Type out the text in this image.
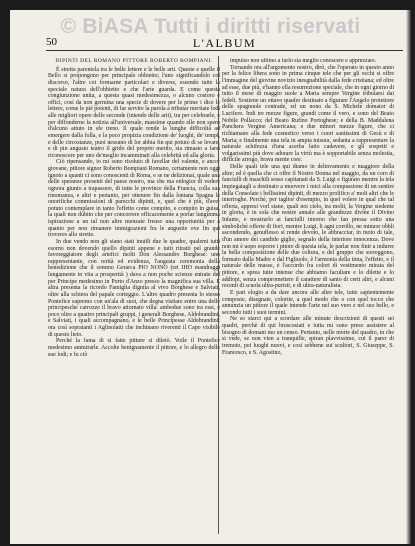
© BiASA Tutti i diritti riservati
50	L'ALBUM
DIPINTI DEL ROMANO PITTORE ROBERTO BOMPIANI.

È stretta parentela tra le belle lettere e le belle arti. Queste e quelle il Bello si propongono per principale obbietto; l'uno significandolo col discorso, l'altre coi formarne particolari e diverse, essendo tutte la speciale natura dell'obbietto e che l'arte guarda. E come questa congiunzione unita, a questa quasi medesimezza, o alcuno costoro e offici, cosí da non germina una specie di dovere per le prime i dice le lettere, come le pié potenti, di far servire la parola a tributar meritate lodi alle migliori opere delle seconde (intendo delle arti), tra per celebrarle, e per diffonderne la notizia all'universale, massime quando elle non spero d'alcuno attuto in sfe treno. Il quale rende la lunghe difficoltà ad emergere dalla folla, e la poco propizia condizione de' luoghi, de' tempi, e delle circostanze, puoi nessuno di lor abbia fin qui potuto di se levare, e di pin angusto teatro il grido del proprio merito, sia rimasto a farsi riconoscere per uno de'meglio incamminati alla celebrità ed alla gloria.

Ciò ripensando, io mi sono risoluto di favellar del valente, e ancor giovane, pittore signor Roberto Bompiani Romano, certamente non oggi ignoto a quanti ci sono conoscenti di Roma, e se ne delizionai, quale una delle speranze presenti del paese nostro, ma che ma enlogior di vedere ognora giunto a trapassere, di tutte le province della Francia, colla sua rinomanza, e altri e pertanto, per ottenere fin dalla lontana Spagna le onorifiche commissioni di parecchi dipinti, e, quel che è più, d'aver potuto contemplare in tanto l'effetto come compito, e compito in guisa, la quali non dubito che per concorrere efficacemente a portar lungimma ispirazione a un tal non altre menzate freuso una opportunità per a quanto per non rimanere immigrazioni fra le angustie ove fin qui troveres allo strette.

In due vendo non gli siano stati inutili due le quadre, qualemi tutti esorno non dovendo quello dipinti appene e tutti ritraiti pel grande favoreggiatore degli artefici molti Don Alessandro Borghese: uno rappresentante, con rerità ed evidenza, l'augusta ceremonia della benedizione che il sommo Gerarca PIO NONO (rei IHO mandraggi lungamente in vita a prosperità ) dava a non poche scienze entrate del per Principe medesimo in Porto d'Anzo presso la magnifica sua villa. E altra presenta la ricordo Famiglia dignita al vivo Borghese e Salviati, oltre alla schiera del papale corteggio. L'altro quadro presenta lo stesso Pontefice supremo con un'ala di suoi, che degna visitare entro una delle principesche carrozze il bravo attornato villa: ambedue sono tra essi, e poco oltre a quattro principali gruppi, i generali Borghese, Aldobrandini, e Salviati, i quali accompagnano, e le belle Principesse Aldobrandini: ora così sopratanti i Aglinolatti che inchinano riverenti il Capo visibile di questo lieto.

Perché la fama di si fatte pitture si diletò. Voile il Pontefice medesimo ammirarle. Accolte benignamente il pittore, e lo allegro delle sue lodi; e fu ciò

impulso non ultimo a farlo sia meglio conoscere e apprezzare.

Tornando ora all'argomento nostro, dirò, che l'operato in questo anno per la felice libera sono in prima cinque tele che per gli occhi si offre l'immagine del giovine novizio inesgnabilità dalla fede cristiana; ed oltre ad esse, due più, e'hanno ella resurrezione speciale, che in ogni giorno di tutto il mese di maggio suole a Maria sempre Vergine tributarsi dai fedeli. Sostiene un ottavo quadro destinato a figurare l'Angelo protettore delle spagnuole contrade, ed un nono da S. Michele domator di Lucifero. Indi tre mezze figure, grandi come il vero, e sono del Beato Nobile Pollacco; del Beato Rufino Portoghese; e della B. Maddalena Panchera Vergine Americana; e due minori mezze figure, che ci richiamano alla fede cosmetico verso i cuori santissimi di Gesù e di Maria; e finalmente una tela in ampia misura, sedanta a rappresentare la naturale schifezza d'una acerba fatto cadavere, e gli sospetti e volgarissimi più dove adorare la virtù ma è sopportabile senza molestia, difficile arrogo, brava mente core.

Delle quali tele una qui diamo in delinvamento e maggiore della altre; ed è quella che ci offre il Nostro Donna nel maggio, da un coro di fanciulli di maschili sesso capitanati da S. Luigi e figurato mentre la tela impiegatagli a destinato a muovere i mici alla compassione di un sentire della Consolate i bellissimi dipinti, di mezzo prolifico a' moli altri che le interroghe. Perchè, per taglior d'esempio, in quel volere in qual che tal offerta, appresi vorl siane, quali noi cielo, tra molti, la Vergine siedente in gloria, è in sola che nostre annalo alle grandezze divine il Divino Infante, e mostrarlo ai fanciulli intorno che fan pressa sotto una simbolichè offerte di fiori, mentre Luigi, li agni corrillo, ne minuor obbli ascondendo, genuflesso si rende devoto, le abbracciar, in moto di tale, d'un amore dei candido giglio, segnalo della interiore innocenza. Dove non mi è uopo esporre i pitore di questa tela, le parlar non finir a indurre la bella composizione delle due coltura, e del gruppo che sorreggono, formato dalla Madre e dal Figliuolo, è l'armonia della tinta, l'effetto, e il naturale delle masse, è l'accordo fra colori di vestimento mirata del pittore, e sprea tutte intense che abbiamo facultare e lo dilette e lo addiopi, senza compromettere il carattere di santo di certi altri, e alcuni recenti di scuola ultra-puristi, e di ultra-naturalista.

E pari elogio a da dare ancora alle altre tele, tutte sapientemente composte, disegnate, colorite, a quel modo che o con quel tocco che annunzia un pittore il quale intende l'arte nel suo vero e nel suo bello, e secondo tutti i suoi termini.

Ne so starci qui a scordare alle minute descrizioni di questi sei quadri, perchè di qui bruscosiati e tutta mi sono preso assistere al bisogno di domani mo un censo. Pertanto, nelle morte del quadro, in che si vede, se non vien a tranquille, spiran plavvissime, cui il parer di tremoto, pei luoghi nuovi, e cosi sebbene sui scultori, S. Giuseppe, S. Francesco, e S. Agostino,
